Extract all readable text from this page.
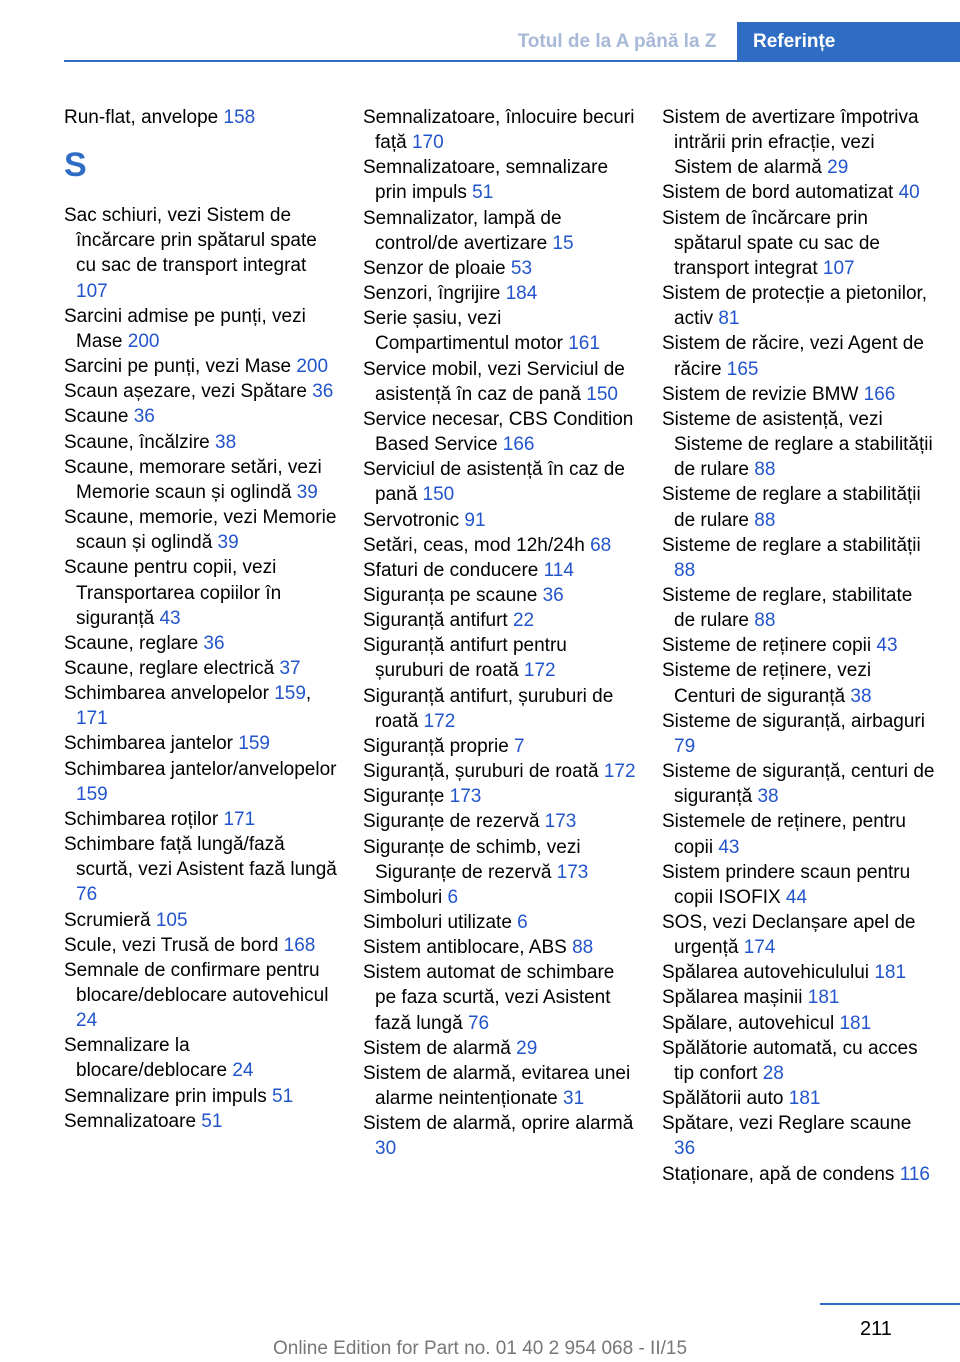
Totul de la A până la Z	Referințe
Run-flat, anvelope 158
S
Sac schiuri, vezi Sistem de încărcare prin spătarul spate cu sac de transport integrat 107
Sarcini admise pe punți, vezi Mase 200
Sarcini pe punți, vezi Mase 200
Scaun așezare, vezi Spătare 36
Scaune 36
Scaune, încălzire 38
Scaune, memorare setări, vezi Memorie scaun și oglindă 39
Scaune, memorie, vezi Memorie scaun și oglindă 39
Scaune pentru copii, vezi Transportarea copiilor în siguranță 43
Scaune, reglare 36
Scaune, reglare electrică 37
Schimbarea anvelopelor 159, 171
Schimbarea jantelor 159
Schimbarea jantelor/anvelopelor 159
Schimbarea roților 171
Schimbare față lungă/fază scurtă, vezi Asistent fază lungă 76
Scrumieră 105
Scule, vezi Trusă de bord 168
Semnale de confirmare pentru blocare/deblocare autovehicul 24
Semnalizare la blocare/deblocare 24
Semnalizare prin impuls 51
Semnalizatoare 51
Semnalizatoare, înlocuire becuri față 170
Semnalizatoare, semnalizare prin impuls 51
Semnalizator, lampă de control/de avertizare 15
Senzor de ploaie 53
Senzori, îngrijire 184
Serie șasiu, vezi Compartimentul motor 161
Service mobil, vezi Serviciul de asistență în caz de pană 150
Service necesar, CBS Condition Based Service 166
Serviciul de asistență în caz de pană 150
Servotronic 91
Setări, ceas, mod 12h/24h 68
Sfaturi de conducere 114
Siguranța pe scaune 36
Siguranță antifurt 22
Siguranță antifurt pentru șuruburi de roată 172
Siguranță antifurt, șuruburi de roată 172
Siguranță proprie 7
Siguranță, șuruburi de roată 172
Siguranțe 173
Siguranțe de rezervă 173
Siguranțe de schimb, vezi Siguranțe de rezervă 173
Simboluri 6
Simboluri utilizate 6
Sistem antiblocare, ABS 88
Sistem automat de schimbare pe faza scurtă, vezi Asistent fază lungă 76
Sistem de alarmă 29
Sistem de alarmă, evitarea unei alarme neintenționate 31
Sistem de alarmă, oprire alarmă 30
Sistem de avertizare împotriva intrării prin efracție, vezi Sistem de alarmă 29
Sistem de bord automatizat 40
Sistem de încărcare prin spătarul spate cu sac de transport integrat 107
Sistem de protecție a pietonilor, activ 81
Sistem de răcire, vezi Agent de răcire 165
Sistem de revizie BMW 166
Sisteme de asistență, vezi Sisteme de reglare a stabilității de rulare 88
Sisteme de reglare a stabilității de rulare 88
Sisteme de reglare a stabilității 88
Sisteme de reglare, stabilitate de rulare 88
Sisteme de reținere copii 43
Sisteme de reținere, vezi Centuri de siguranță 38
Sisteme de siguranță, airbaguri 79
Sisteme de siguranță, centuri de siguranță 38
Sistemele de reținere, pentru copii 43
Sistem prindere scaun pentru copii ISOFIX 44
SOS, vezi Declanșare apel de urgență 174
Spălarea autovehiculului 181
Spălarea mașinii 181
Spălare, autovehicul 181
Spălătorie automată, cu acces tip confort 28
Spălătorii auto 181
Spătare, vezi Reglare scaune 36
Staționare, apă de condens 116
211
Online Edition for Part no. 01 40 2 954 068 - II/15
